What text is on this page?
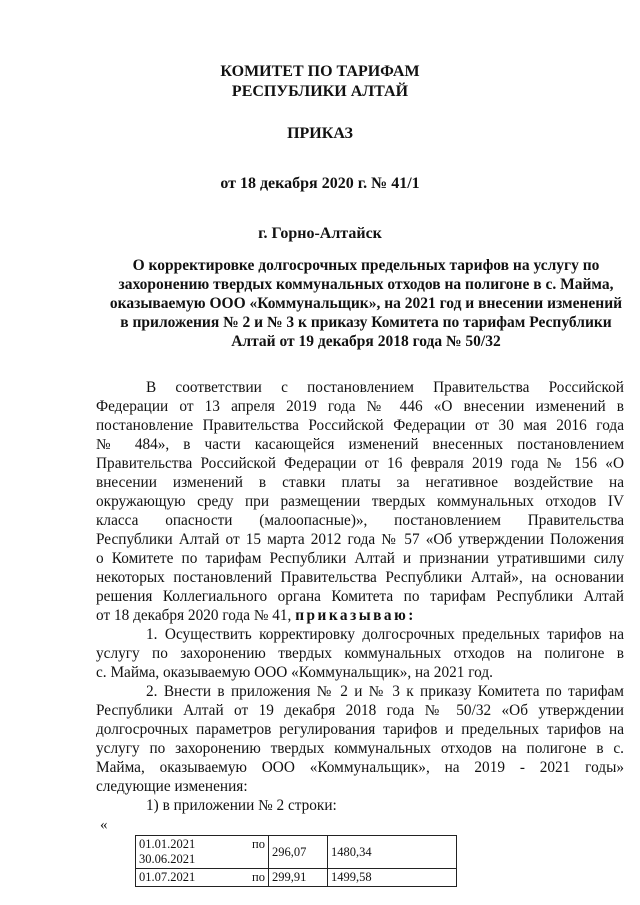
КОМИТЕТ ПО ТАРИФАМ
РЕСПУБЛИКИ АЛТАЙ
ПРИКАЗ
от 18 декабря 2020 г. № 41/1
г. Горно-Алтайск
О корректировке долгосрочных предельных тарифов на услугу по
захоронению твердых коммунальных отходов на полигоне в с. Майма,
оказываемую ООО «Коммунальщик», на 2021 год и внесении изменений
в приложения № 2 и № 3 к приказу Комитета по тарифам Республики
Алтай от 19 декабря 2018 года № 50/32
В соответствии с постановлением Правительства Российской
Федерации от 13 апреля 2019 года № 446 «О внесении изменений в
постановление Правительства Российской Федерации от 30 мая 2016 года
№ 484», в части касающейся изменений внесенных постановлением
Правительства Российской Федерации от 16 февраля 2019 года № 156 «О
внесении изменений в ставки платы за негативное воздействие на
окружающую среду при размещении твердых коммунальных отходов IV
класса опасности (малоопасные)», постановлением Правительства
Республики Алтай от 15 марта 2012 года № 57 «Об утверждении Положения
о Комитете по тарифам Республики Алтай и признании утратившими силу
некоторых постановлений Правительства Республики Алтай», на основании
решения Коллегиального органа Комитета по тарифам Республики Алтай
от 18 декабря 2020 года № 41, приказываю:
1. Осуществить корректировку долгосрочных предельных тарифов на
услугу по захоронению твердых коммунальных отходов на полигоне в
с. Майма, оказываемую ООО «Коммунальщик», на 2021 год.
2. Внести в приложения № 2 и № 3 к приказу Комитета по тарифам
Республики Алтай от 19 декабря 2018 года № 50/32 «Об утверждении
долгосрочных параметров регулирования тарифов и предельных тарифов на
услугу по захоронению твердых коммунальных отходов на полигоне в с.
Майма, оказываемую ООО «Коммунальщик», на 2019 - 2021 годы»
следующие изменения:
1) в приложении № 2 строки:
«
01.01.2021 по
30.06.2021	296,07	1480,34

01.07.2021 по	299,91	1499,58
